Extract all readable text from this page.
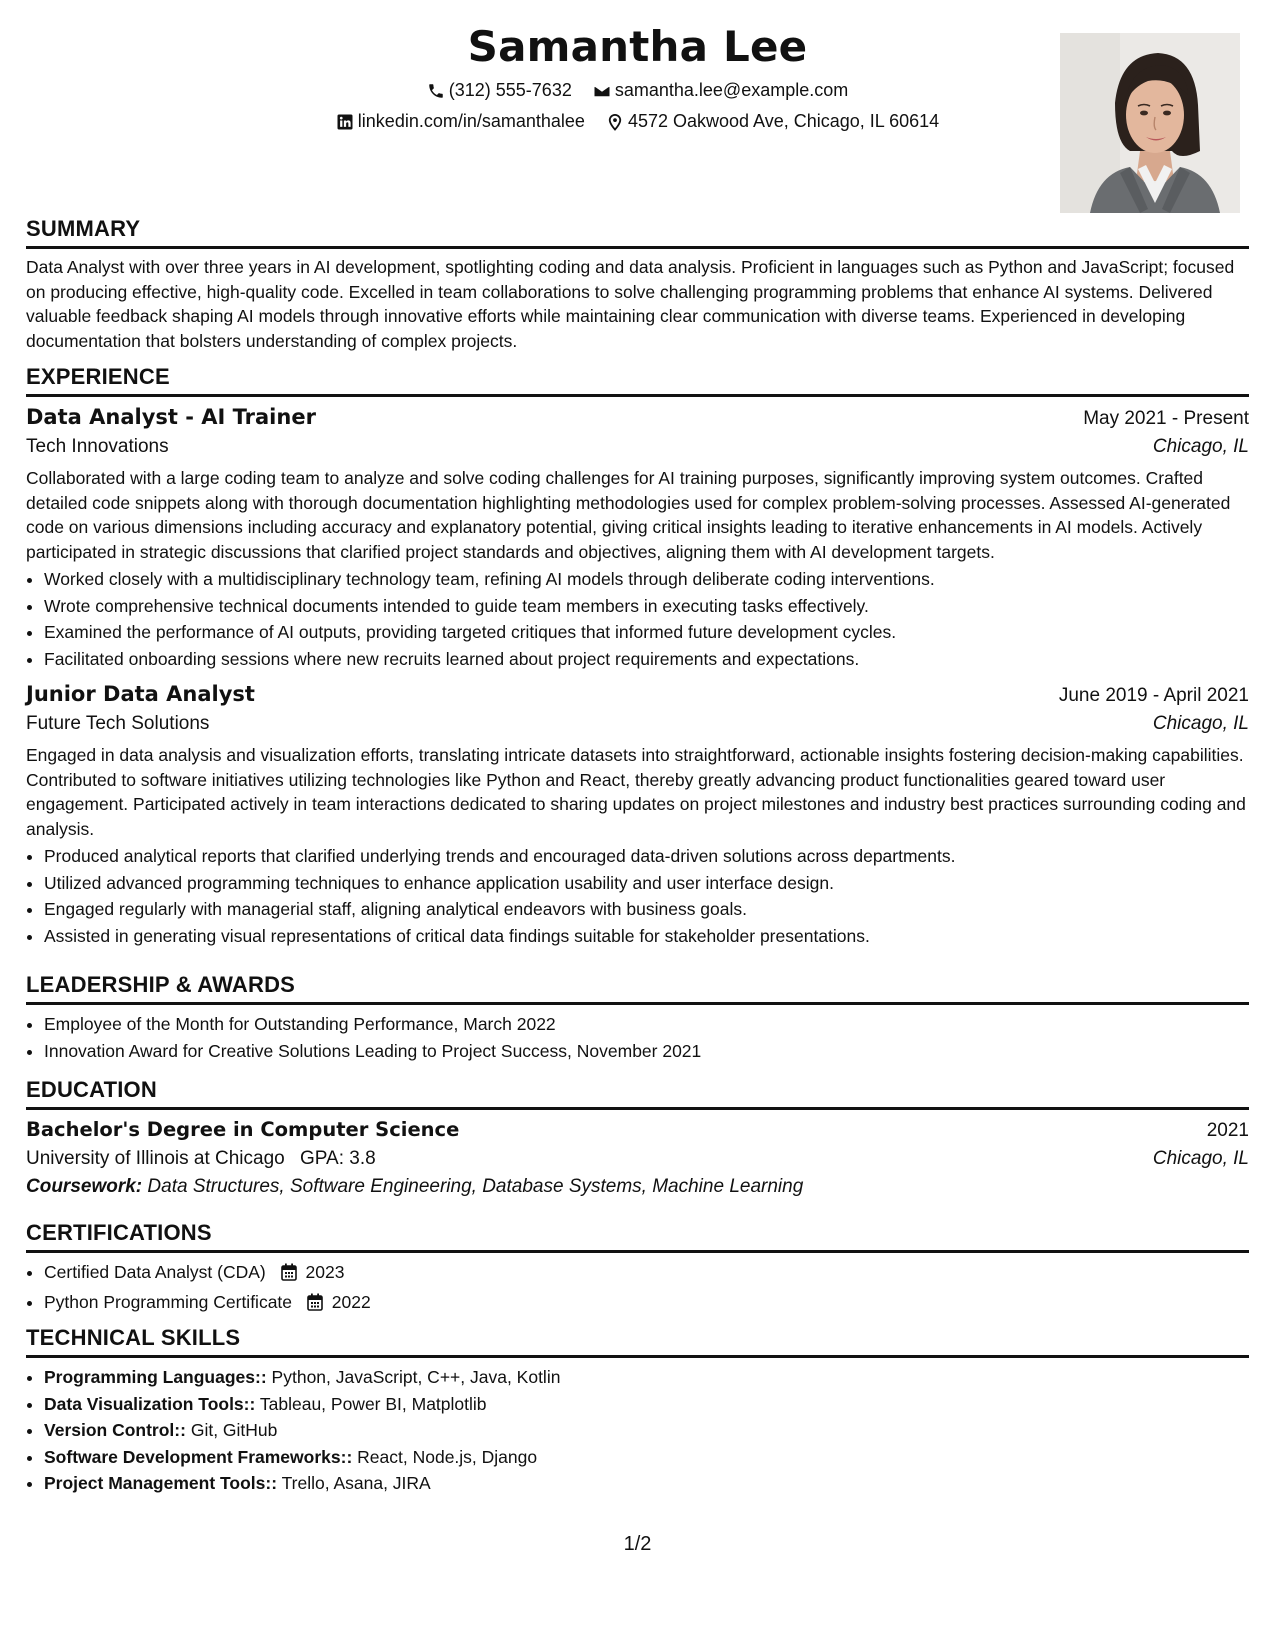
Samantha Lee
(312) 555-7632
samantha.lee@example.com
linkedin.com/in/samanthalee
4572 Oakwood Ave, Chicago, IL 60614
SUMMARY

Data Analyst with over three years in AI development, spotlighting coding and data analysis. Proficient in languages such as Python and JavaScript; focused on producing effective, high-quality code. Excelled in team collaborations to solve challenging programming problems that enhance AI systems. Delivered valuable feedback shaping AI models through innovative efforts while maintaining clear communication with diverse teams. Experienced in developing documentation that bolsters understanding of complex projects.

EXPERIENCE
Data Analyst - AI Trainer	May 2021 - Present
Tech Innovations	Chicago, IL

Collaborated with a large coding team to analyze and solve coding challenges for AI training purposes, significantly improving system outcomes. Crafted detailed code snippets along with thorough documentation highlighting methodologies used for complex problem-solving processes. Assessed AI-generated code on various dimensions including accuracy and explanatory potential, giving critical insights leading to iterative enhancements in AI models. Actively participated in strategic discussions that clarified project standards and objectives, aligning them with AI development targets.

• Worked closely with a multidisciplinary technology team, refining AI models through deliberate coding interventions.
• Wrote comprehensive technical documents intended to guide team members in executing tasks effectively.
• Examined the performance of AI outputs, providing targeted critiques that informed future development cycles.
• Facilitated onboarding sessions where new recruits learned about project requirements and expectations.
Junior Data Analyst	June 2019 - April 2021
Future Tech Solutions	Chicago, IL

Engaged in data analysis and visualization efforts, translating intricate datasets into straightforward, actionable insights fostering decision-making capabilities. Contributed to software initiatives utilizing technologies like Python and React, thereby greatly advancing product functionalities geared toward user engagement. Participated actively in team interactions dedicated to sharing updates on project milestones and industry best practices surrounding coding and analysis.

• Produced analytical reports that clarified underlying trends and encouraged data-driven solutions across departments.
• Utilized advanced programming techniques to enhance application usability and user interface design.
• Engaged regularly with managerial staff, aligning analytical endeavors with business goals.
• Assisted in generating visual representations of critical data findings suitable for stakeholder presentations.
LEADERSHIP & AWARDS
• Employee of the Month for Outstanding Performance, March 2022
• Innovation Award for Creative Solutions Leading to Project Success, November 2021
EDUCATION
Bachelor's Degree in Computer Science	2021
University of Illinois at Chicago GPA: 3.8	Chicago, IL
Coursework: Data Structures, Software Engineering, Database Systems, Machine Learning
CERTIFICATIONS
• Certified Data Analyst (CDA) 2023
• Python Programming Certificate 2022
TECHNICAL SKILLS
• Programming Languages:: Python, JavaScript, C++, Java, Kotlin
• Data Visualization Tools:: Tableau, Power BI, Matplotlib
• Version Control:: Git, GitHub
• Software Development Frameworks:: React, Node.js, Django
• Project Management Tools:: Trello, Asana, JIRA
1/2
